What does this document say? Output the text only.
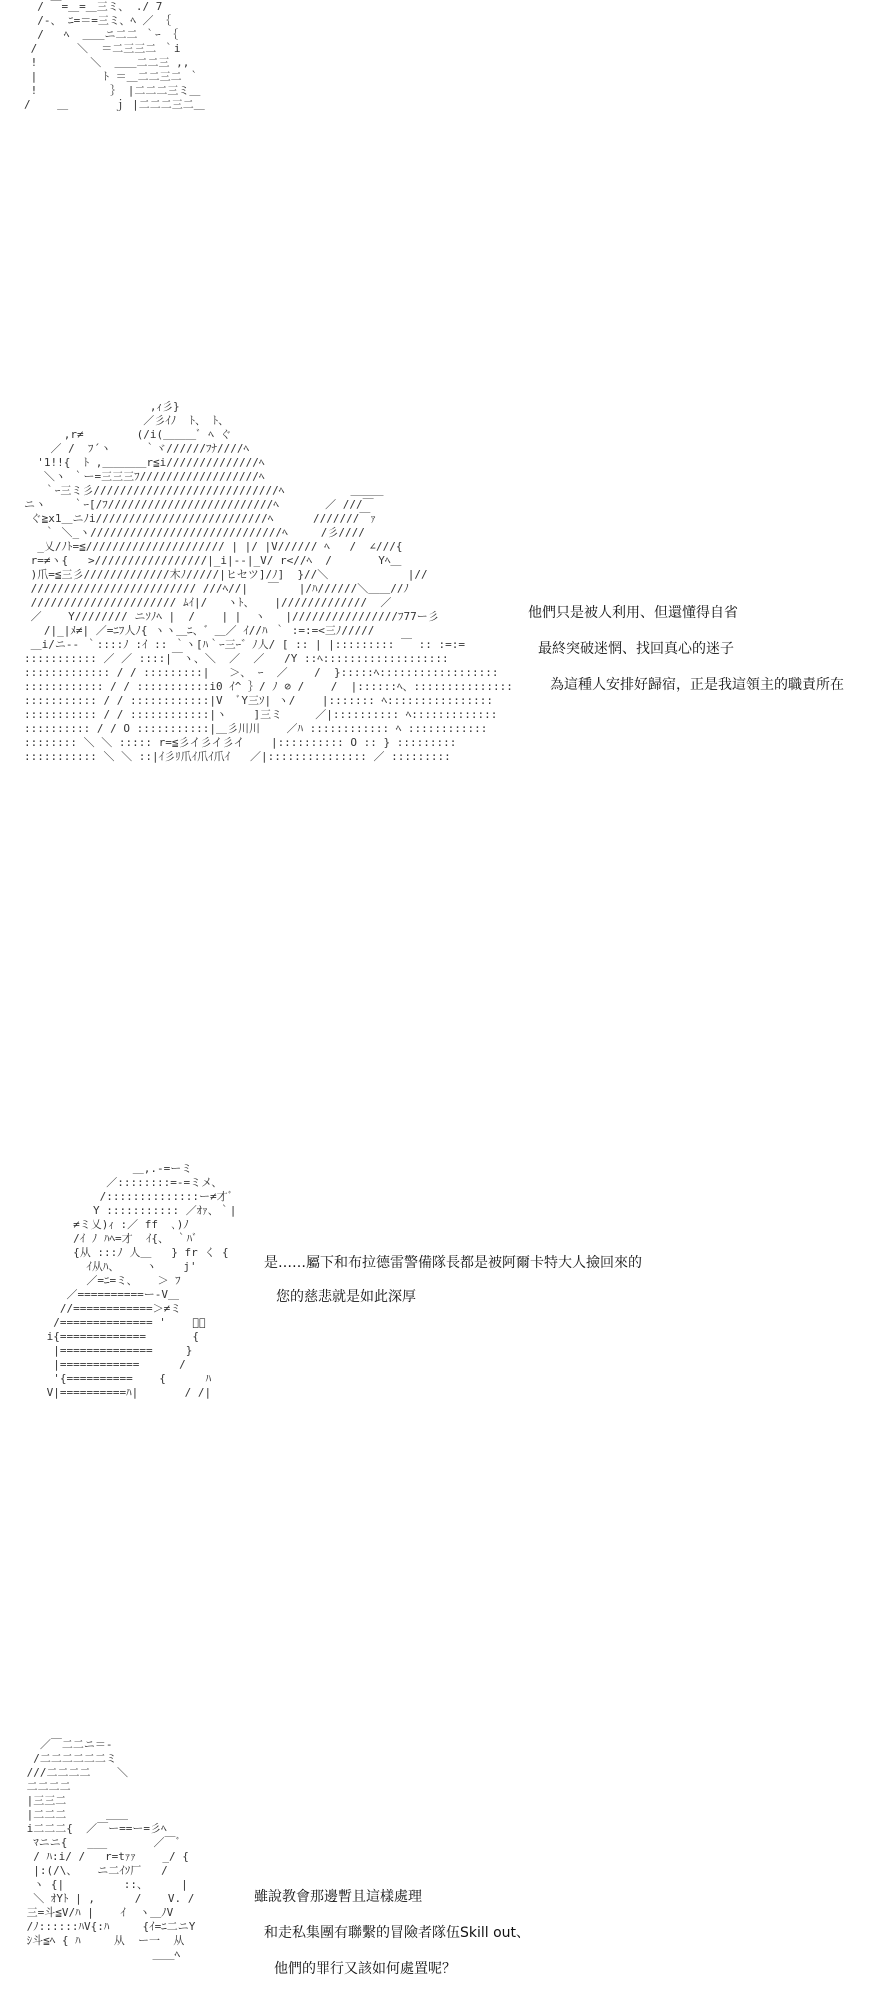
/ ￣=＿=＿三ミ、 ./ 7
/-、 ﾆ=＝=三ミ、ﾍ ／ ｛
/   ﾍ  ＿＿ニ二二 ｀ｰ ｛
/      ＼  ＝二三三二 ｀i
!        ＼  ＿＿二二三 ,,
|          ﾄ ＝＿二二三二 ｀
!           ｝ |二二二三ミ＿
/    ＿       ｊ |二二二三二＿
,ｨ彡}
／彡ｲﾉ  ﾄ、 ﾄ、
,r≠        (/i(＿＿＿ﾞ ﾍ ぐ
／ /  ﾌ´ヽ     ｀ヾ//////ﾌﾅ////ﾍ
'1!!{  ﾄ ,＿＿＿＿r≦i//////////////ﾍ
＼ヽ ｀ー=三三三ﾌ//////////////////ﾍ
｀ｰ三ミ彡////////////////////////////ﾍ          ＿＿＿
ニヽ    ｀ｰ[/ﾌ/////////////////////////ﾍ       ／ ///￣
ぐ≧x1＿ニﾉi//////////////////////////ﾍ      ///////￣ｧ
｀ ＼_ヽ/////////////////////////////ﾍ     /彡////
_乂/ﾉﾄ=≦///////////////////// | |/ |V////// ﾍ   /  ∠///{
r=≠ヽ{   >/////////////////|_i|--|_V/ r<//ﾍ  /       Yﾍ＿
)爪=≦三彡/////////////木ﾉ/////|ヒセツ]/ﾉ]  }//＼            |//
///////////////////////// ///ﾍ//|   ￣   |/ﾊ//////＼＿＿//ﾉ
////////////////////// ﾑｲ|/   ヽﾄ、   |/////////////  ／
／    Y//////// ニｿﾉﾍ |  /    | |  ヽ   |////////////////ﾌ77ー彡
/|_|ﾒ≠| ／=ﾆﾌ人ﾉ{ ヽヽ＿ﾆ、゛＿／ ｲ//ﾊ ｀ :=:=<三ﾉ/////
＿i/ニ-‐ ｀::::ﾉ :ｲ :: ｀ヽ[ﾊ｀ｰ三ｰ゛ﾉ人/ [ :: | |::::::::: ￣ :: :=:=
::::::::::: ／ ／ ::::|￣ヽ、＼  ／  ／   /Y ::ﾍ:::::::::::::::::::
::::::::::::: / / :::::::::|   ＞、 ｰ  ／    /  }:::::ﾍ::::::::::::::::::
:::::::::::: / / :::::::::::i0 ｲ^ ｝/ ﾉ ⊘ /    /  |::::::ﾍ、:::::::::::::::
::::::::::: / / ::::::::::::|V  ﾞY三ｿ| ヽ/    |::::::: ﾍ::::::::::::::::
::::::::::: / / ::::::::::::|ヽ    ]三ミ     ／|:::::::::: ﾍ:::::::::::::
:::::::::: / / O :::::::::::|＿彡川川    ／ﾊ :::::::::::: ﾍ ::::::::::::
:::::::: ＼ ＼ ::::: r=≦彡イ彡イ彡イ    |:::::::::: O :: } :::::::::
::::::::::: ＼ ＼ ::|ｲ彡ﾘ爪ｲ爪ｲ爪ｲ   ／|::::::::::::::: ／ :::::::::
他們只是被人利用、但還懂得自省
最終突破迷惘、找回真心的迷子
為這種人安排好歸宿，正是我這領主的職責所在
＿,.-=ーミ
／::::::::=-=ミメ、
/::::::::::::::ー≠才ﾞ
Y ::::::::::: ／ｵｧ、｀|
≠ミ乂)ｨ :／ ff  ､)ﾉ
/ｲ ﾉ ﾊﾍ=才  ｲ{、 ｀ﾊﾞ
{从 :::ﾉ 人＿   } fr く {
ｲ从ﾊ、    ヽ    j'
／=ﾆ=ミ、   ＞ ﾌ
／==========ー-V＿
//============＞≠ミ
/============== '    ﾞ、
i{=============       {
|==============     }
|============      /
'{==========    {      ﾊ
V|==========ﾊ|       / /|
是……屬下和布拉德雷警備隊長都是被阿爾卡特大人撿回來的
您的慈悲就是如此深厚
／￣二二ニ＝-
/二二二二二二ミ
///二二二二    ＼
二二二二
|三三二
|二二二      ＿＿
i二二二{  ／￣ー==ー=彡ﾍ
ﾏニニ{   ___       ／￣ﾞ
/ ﾊ:i/ /   r=tｧｧ    _/ {
|:(/\、   ニ二ｲｿ厂   /
ヽ {|         ::、     |
＼ ｵYﾄ | ,      /    V. /
三=斗≦V/ﾊ |    ｲ  ヽ＿ﾉV
/ﾉ::::::ﾊV{:ﾊ     {ｲ=ﾆ二ニY
ｼ斗≦ﾍ { ﾊ     从  ー一  从
＿＿ﾍ
雖說教會那邊暫且這樣處理
和走私集團有聯繫的冒險者隊伍Skill out、
他們的罪行又該如何處置呢？
